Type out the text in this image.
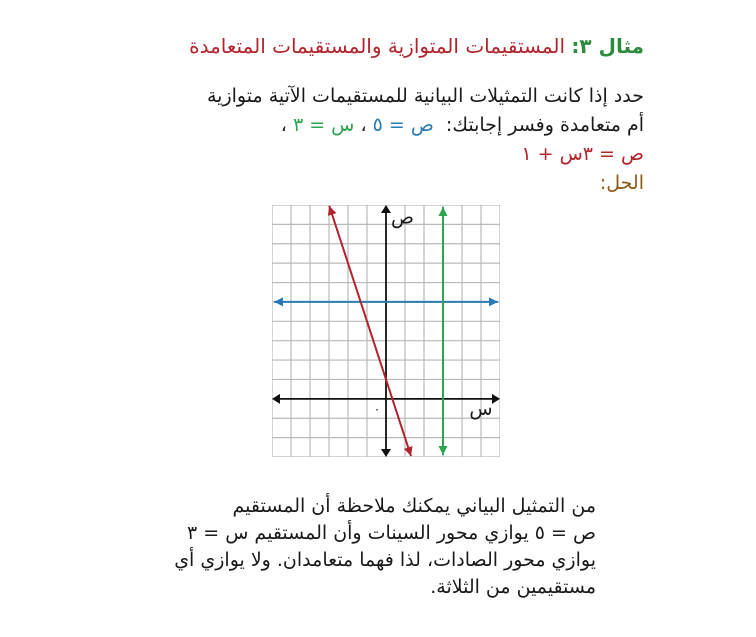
مثال ٣: المستقيمات المتوازية والمستقيمات المتعامدة
حدد إذا كانت التمثيلات البيانية للمستقيمات الآتية متوازية
أم متعامدة وفسر إجابتك:  ص = ٥ ، س = ٣ ،
ص = ٣س + ١
الحل:
ص
س
٠
من التمثيل البياني يمكنك ملاحظة أن المستقيم
ص = ٥ يوازي محور السينات وأن المستقيم س = ٣
يوازي محور الصادات، لذا فهما متعامدان. ولا يوازي أي
مستقيمين من الثلاثة.
